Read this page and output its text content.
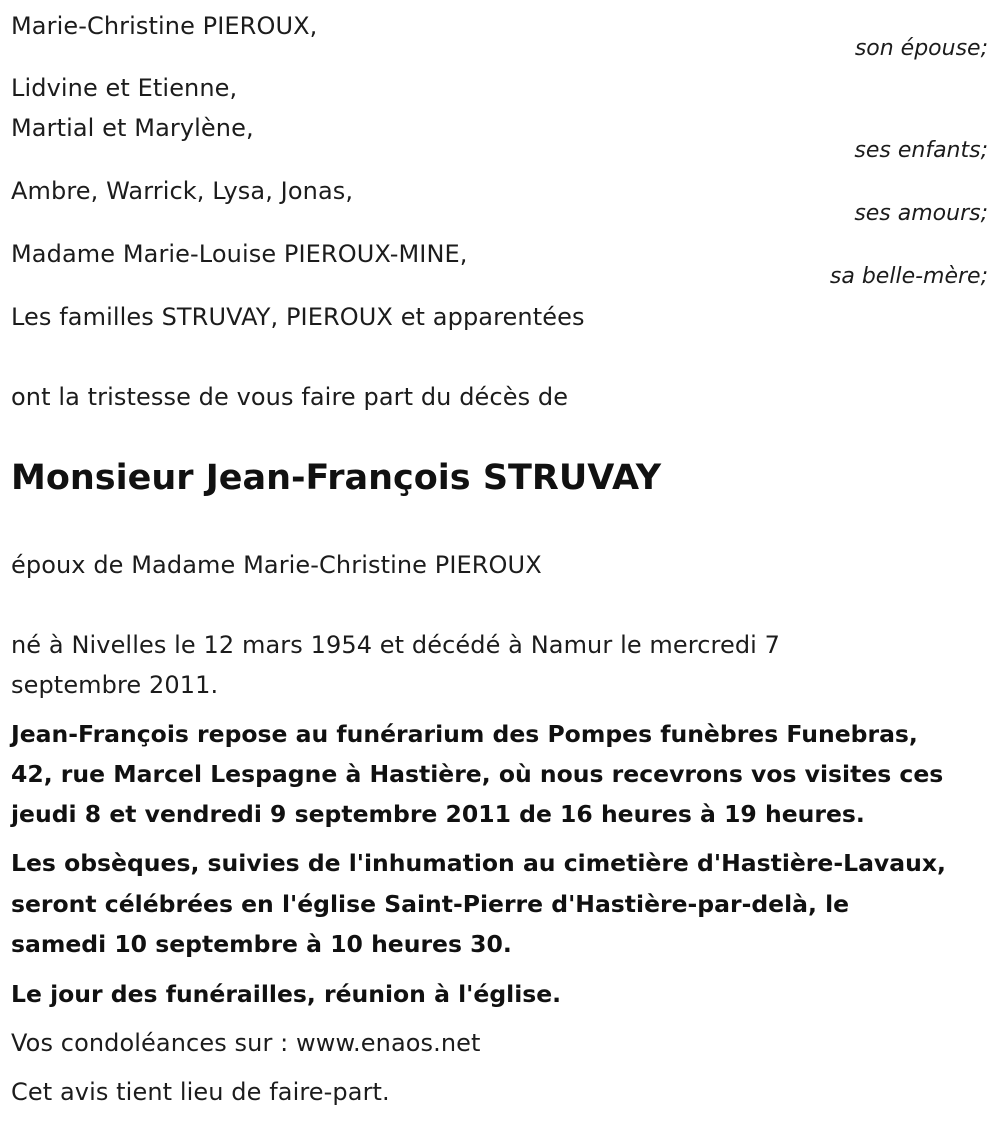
Marie-Christine PIEROUX,

son épouse;

Lidvine et Etienne,

Martial et Marylène,

ses enfants;

Ambre, Warrick, Lysa, Jonas,

ses amours;

Madame Marie-Louise PIEROUX-MINE,

sa belle-mère;

Les familles STRUVAY, PIEROUX et apparentées

ont la tristesse de vous faire part du décès de

Monsieur Jean-François STRUVAY

époux de Madame Marie-Christine PIEROUX

né à Nivelles le 12 mars 1954 et décédé à Namur le mercredi 7

septembre 2011.

Jean-François repose au funérarium des Pompes funèbres Funebras,

42, rue Marcel Lespagne à Hastière, où nous recevrons vos visites ces

jeudi 8 et vendredi 9 septembre 2011 de 16 heures à 19 heures.

Les obsèques, suivies de l'inhumation au cimetière d'Hastière-Lavaux,

seront célébrées en l'église Saint-Pierre d'Hastière-par-delà, le

samedi 10 septembre à 10 heures 30.

Le jour des funérailles, réunion à l'église.

Vos condoléances sur : www.enaos.net

Cet avis tient lieu de faire-part.
